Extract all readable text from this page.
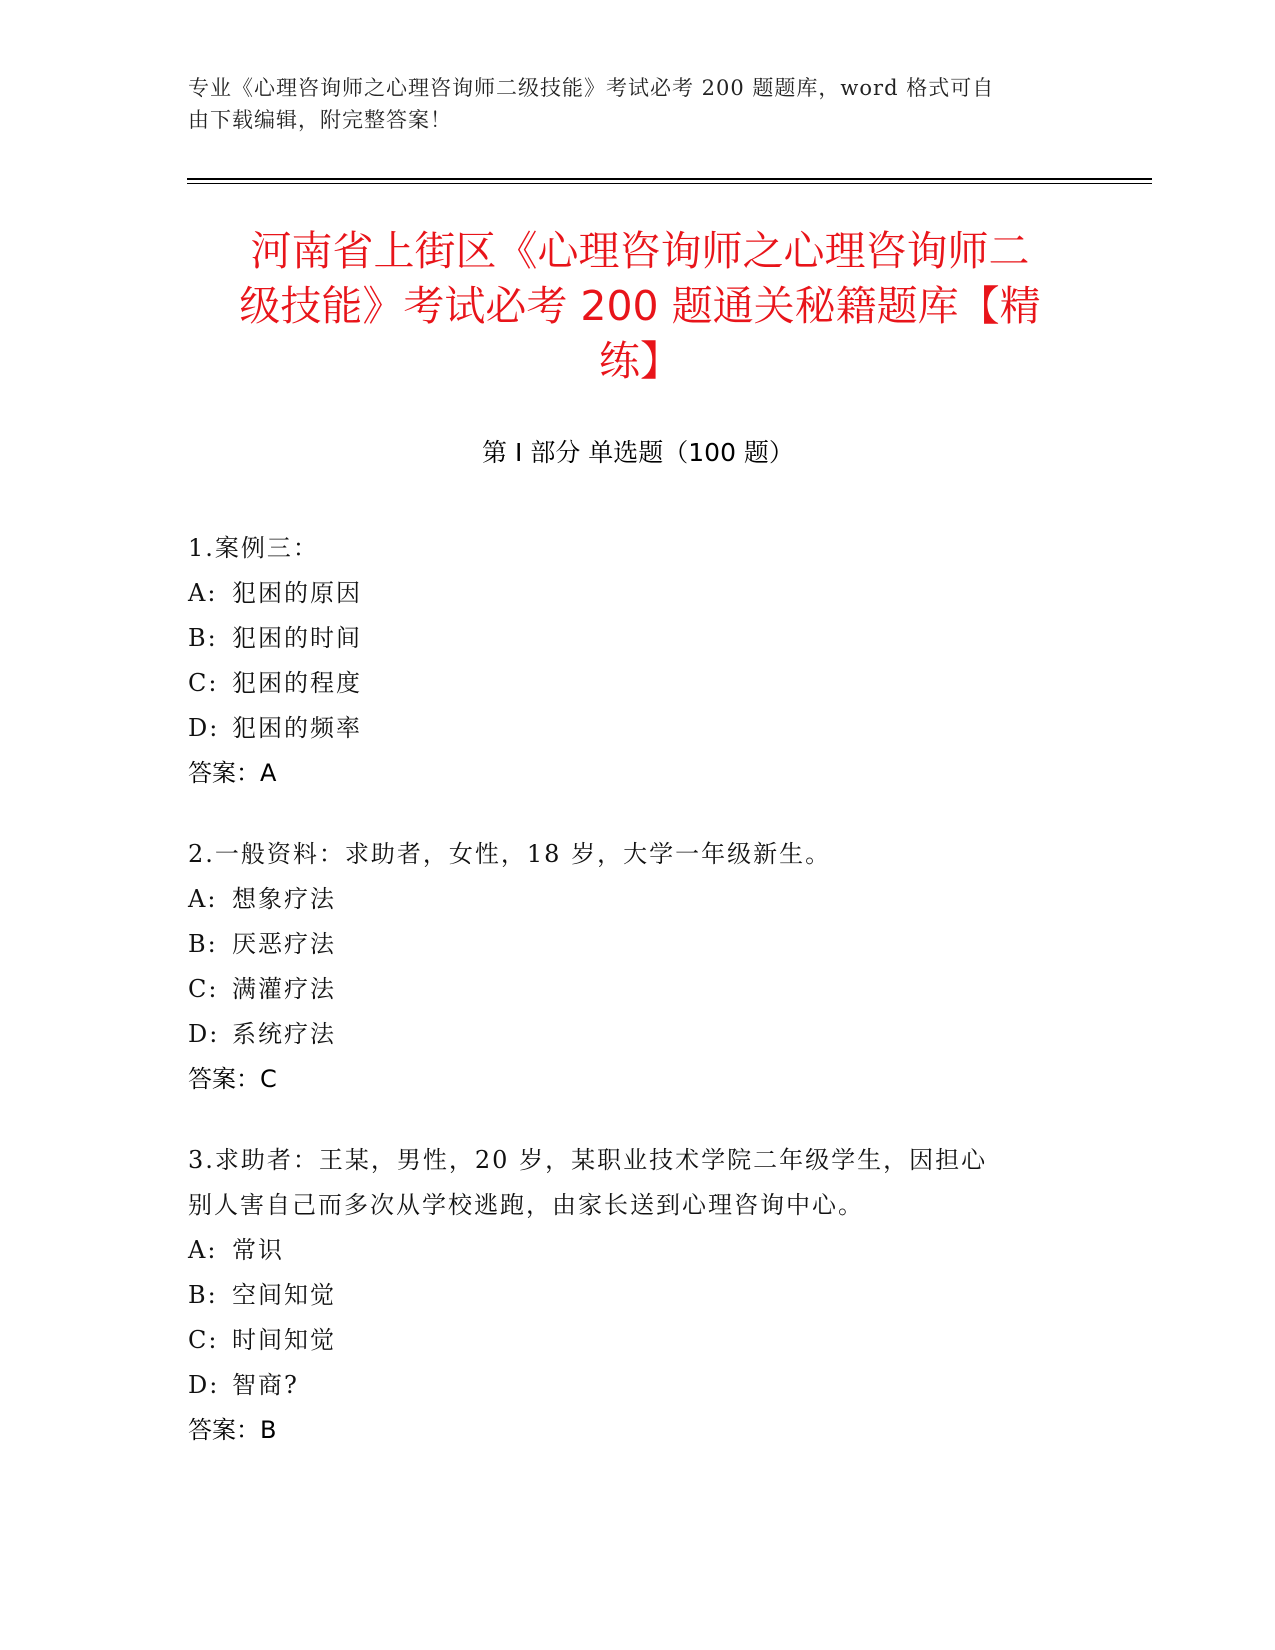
专业《心理咨询师之心理咨询师二级技能》考试必考 200 题题库，word 格式可自
由下载编辑，附完整答案！
河南省上街区《心理咨询师之心理咨询师二
级技能》考试必考 200 题通关秘籍题库【精
练】
第 I 部分 单选题（100 题）
1.案例三：
A: 犯困的原因
B: 犯困的时间
C: 犯困的程度
D: 犯困的频率
答案：A
2.一般资料：求助者，女性，18 岁，大学一年级新生。
A: 想象疗法
B: 厌恶疗法
C: 满灌疗法
D: 系统疗法
答案：C
3.求助者：王某，男性，20 岁，某职业技术学院二年级学生，因担心
别人害自己而多次从学校逃跑，由家长送到心理咨询中心。
A: 常识
B: 空间知觉
C: 时间知觉
D: 智商?
答案：B
